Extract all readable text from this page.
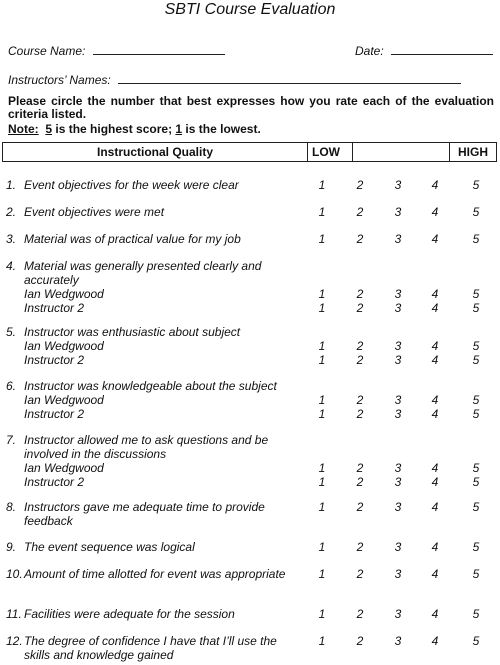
SBTI Course Evaluation
Course Name:	Date:
Instructors’ Names:
Please circle the number that best expresses how you rate each of the evaluation criteria listed.
Note: 5 is the highest score; 1 is the lowest.
Instructional Quality	LOW		HIGH
1. Event objectives for the week were clear	1	2	3	4	5
2. Event objectives were met	1	2	3	4	5
3. Material was of practical value for my job	1	2	3	4	5
4. Material was generally presented clearly and accurately
Ian Wedgwood	1	2	3	4	5
Instructor 2	1	2	3	4	5
5. Instructor was enthusiastic about subject
Ian Wedgwood	1	2	3	4	5
Instructor 2	1	2	3	4	5
6. Instructor was knowledgeable about the subject
Ian Wedgwood	1	2	3	4	5
Instructor 2	1	2	3	4	5
7. Instructor allowed me to ask questions and be involved in the discussions
Ian Wedgwood	1	2	3	4	5
Instructor 2	1	2	3	4	5
8. Instructors gave me adequate time to provide feedback
1	2	3	4	5
9. The event sequence was logical	1	2	3	4	5
10. Amount of time allotted for event was appropriate	1	2	3	4	5
11. Facilities were adequate for the session	1	2	3	4	5
12. The degree of confidence I have that I’ll use the skills and knowledge gained
1	2	3	4	5
